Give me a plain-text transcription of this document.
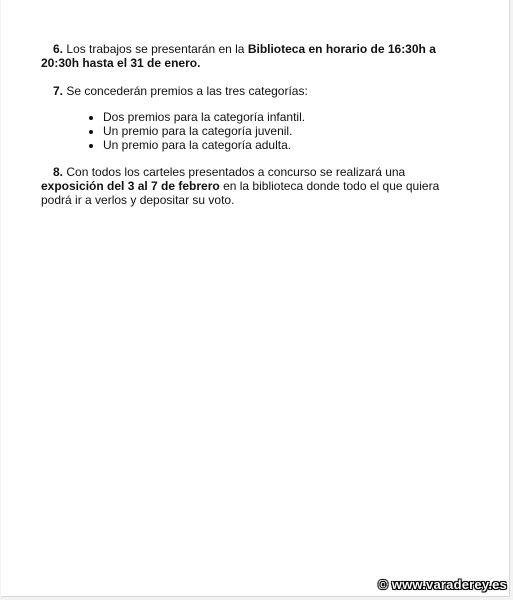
6. Los trabajos se presentarán en la Biblioteca en horario de 16:30h a 20:30h hasta el 31 de enero.

7. Se concederán premios a las tres categorías:

• Dos premios para la categoría infantil.
• Un premio para la categoría juvenil.
• Un premio para la categoría adulta.

8. Con todos los carteles presentados a concurso se realizará una exposición del 3 al 7 de febrero en la biblioteca donde todo el que quiera podrá ir a verlos y depositar su voto.

© www.varaderey.es
